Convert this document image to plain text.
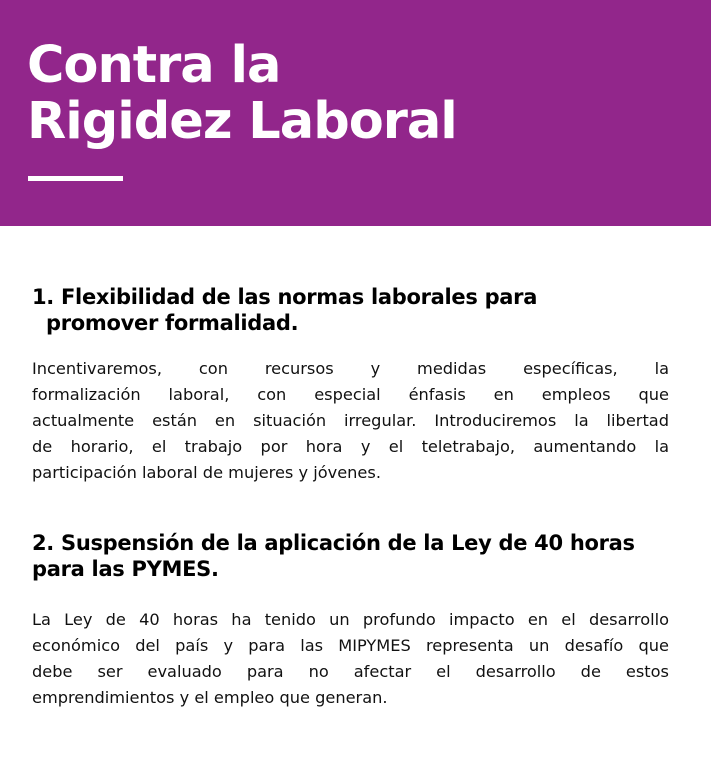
Contra la
Rigidez Laboral
1. Flexibilidad de las normas laborales para
promover formalidad.
Incentivaremos, con recursos y medidas específicas, la
formalización laboral, con especial énfasis en empleos que
actualmente están en situación irregular. Introduciremos la libertad
de horario, el trabajo por hora y el teletrabajo, aumentando la
participación laboral de mujeres y jóvenes.
2. Suspensión de la aplicación de la Ley de 40 horas
para las PYMES.
La Ley de 40 horas ha tenido un profundo impacto en el desarrollo
económico del país y para las MIPYMES representa un desafío que
debe ser evaluado para no afectar el desarrollo de estos
emprendimientos y el empleo que generan.
